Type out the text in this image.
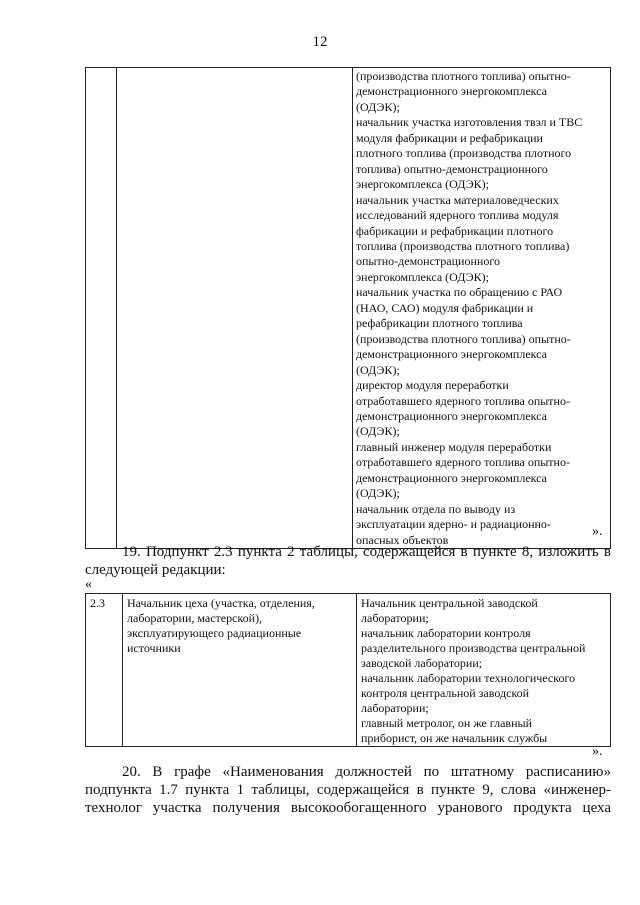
12

(производства плотного топлива) опытно-
демонстрационного энергокомплекса
(ОДЭК);
начальник участка изготовления твэл и ТВС
модуля фабрикации и рефабрикации
плотного топлива (производства плотного
топлива) опытно-демонстрационного
энергокомплекса (ОДЭК);
начальник участка материаловедческих
исследований ядерного топлива модуля
фабрикации и рефабрикации плотного
топлива (производства плотного топлива)
опытно-демонстрационного
энергокомплекса (ОДЭК);
начальник участка по обращению с РАО
(НАО, САО) модуля фабрикации и
рефабрикации плотного топлива
(производства плотного топлива) опытно-
демонстрационного энергокомплекса
(ОДЭК);
директор модуля переработки
отработавшего ядерного топлива опытно-
демонстрационного энергокомплекса
(ОДЭК);
главный инженер модуля переработки
отработавшего ядерного топлива опытно-
демонстрационного энергокомплекса
(ОДЭК);
начальник отдела по выводу из
эксплуатации ядерно- и радиационно-
опасных объектов
».
19. Подпункт 2.3 пункта 2 таблицы, содержащейся в пункте 8, изложить в
следующей редакции:
«
2.3	Начальник цеха (участка, отделения,
лаборатории, мастерской),
эксплуатирующего радиационные
источники

Начальник центральной заводской
лаборатории;
начальник лаборатории контроля
разделительного производства центральной
заводской лаборатории;
начальник лаборатории технологического
контроля центральной заводской
лаборатории;
главный метролог, он же главный
приборист, он же начальник службы
».
20. В графе «Наименования должностей по штатному расписанию»
подпункта 1.7 пункта 1 таблицы, содержащейся в пункте 9, слова «инженер-
технолог участка получения высокообогащенного уранового продукта цеха
